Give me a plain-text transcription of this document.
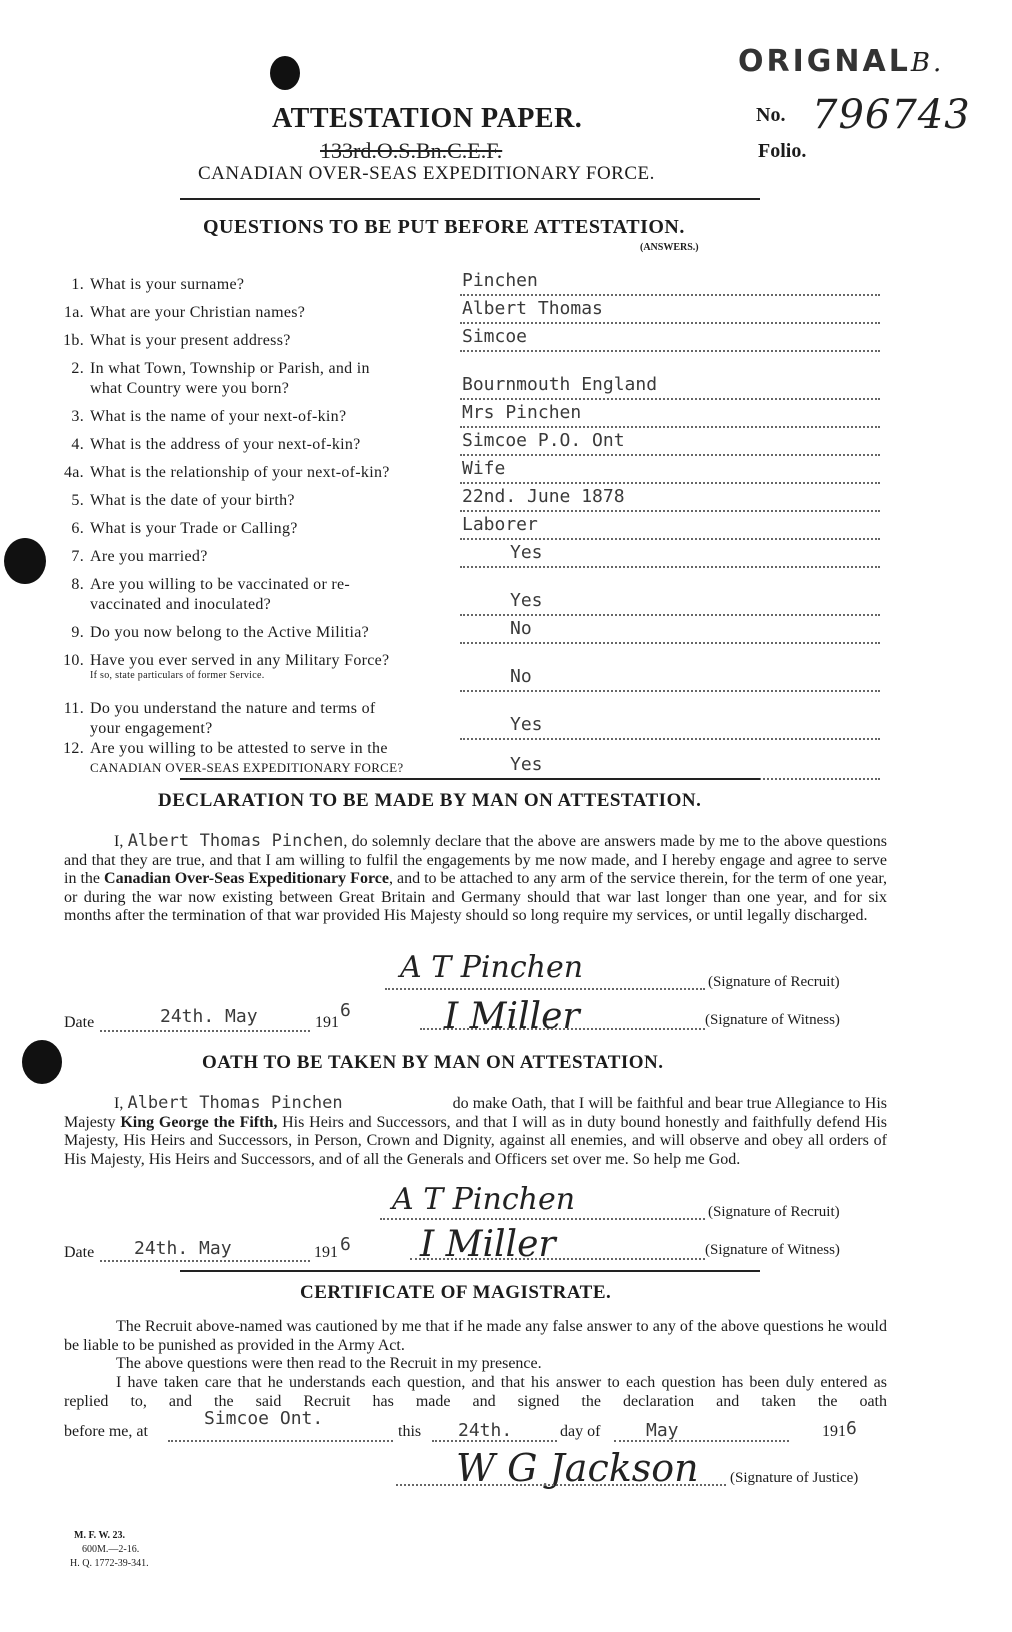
ORIGNALB.
ATTESTATION PAPER.
133rd.O.S.Bn.C.E.F.
CANADIAN OVER-SEAS EXPEDITIONARY FORCE.
No. 796743
Folio.
QUESTIONS TO BE PUT BEFORE ATTESTATION.
(ANSWERS.)
1. What is your surname?	Pinchen
1a. What are your Christian names?	Albert Thomas
1b. What is your present address?	Simcoe
2. In what Town, Township or Parish, and in
what Country were you born?	Bournmouth England
3. What is the name of your next-of-kin?	Mrs Pinchen
4. What is the address of your next-of-kin?	Simcoe P.O. Ont
4a. What is the relationship of your next-of-kin?	Wife
5. What is the date of your birth?	22nd. June 1878
6. What is your Trade or Calling?	Laborer
7. Are you married?	Yes
8. Are you willing to be vaccinated or re-
vaccinated and inoculated?	Yes
9. Do you now belong to the Active Militia?	No
10. Have you ever served in any Military Force?
If so, state particulars of former Service.	No
11. Do you understand the nature and terms of
your engagement?	Yes
12. Are you willing to be attested to serve in the
CANADIAN OVER-SEAS EXPEDITIONARY FORCE?	Yes
DECLARATION TO BE MADE BY MAN ON ATTESTATION.
I, Albert Thomas Pinchen, do solemnly declare that the above are answers made by me to the above questions and that they are true, and that I am willing to fulfil the engagements by me now made, and I hereby engage and agree to serve in the Canadian Over-Seas Expeditionary Force, and to be attached to any arm of the service therein, for the term of one year, or during the war now existing between Great Britain and Germany should that war last longer than one year, and for six months after the termination of that war provided His Majesty should so long require my services, or until legally discharged.
A T Pinchen	(Signature of Recruit)
Date	24th. May	191
6	I Miller	(Signature of Witness)
OATH TO BE TAKEN BY MAN ON ATTESTATION.
I, Albert Thomas Pinchen	do make Oath, that I will be faithful and bear true Allegiance to His Majesty King George the Fifth, His Heirs and Successors, and that I will as in duty bound honestly and faithfully defend His Majesty, His Heirs and Successors, in Person, Crown and Dignity, against all enemies, and will observe and obey all orders of His Majesty, His Heirs and Successors, and of all the Generals and Officers set over me. So help me God.
A T Pinchen	(Signature of Recruit)
Date 24th. May	191 6 I Miller	(Signature of Witness)
CERTIFICATE OF MAGISTRATE.
The Recruit above-named was cautioned by me that if he made any false answer to any of the above questions he would be liable to be punished as provided in the Army Act.
The above questions were then read to the Recruit in my presence.
I have taken care that he understands each question, and that his answer to each question has been duly entered as replied to, and the said Recruit has made and signed the declaration and taken the oath
before me, at
Simcoe Ont.
this 24th.	day of	May	191 6
W G Jackson (Signature of Justice)
M. F. W. 23.
600M.—2-16.
H. Q. 1772-39-341.
